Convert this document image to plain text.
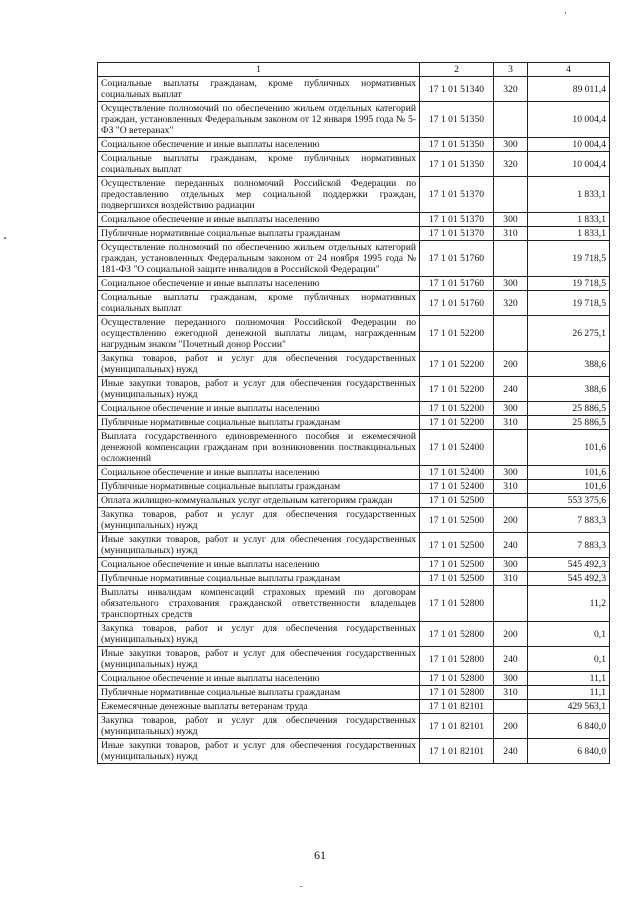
1	2	3	4
Социальные выплаты гражданам, кроме публичных нормативных социальных выплат	17 1 01 51340	320	89 011,4
Осуществление полномочий по обеспечению жильем отдельных категорий граждан, установленных Федеральным законом от 12 января 1995 года № 5-ФЗ "О ветеранах"	17 1 01 51350		10 004,4
Социальное обеспечение и иные выплаты населению	17 1 01 51350	300	10 004,4
Социальные выплаты гражданам, кроме публичных нормативных социальных выплат	17 1 01 51350	320	10 004,4
Осуществление переданных полномочий Российской Федерации по предоставлению отдельных мер социальной поддержки граждан, подвергшихся воздействию радиации	17 1 01 51370		1 833,1
Социальное обеспечение и иные выплаты населению	17 1 01 51370	300	1 833,1
Публичные нормативные социальные выплаты гражданам	17 1 01 51370	310	1 833,1
Осуществление полномочий по обеспечению жильем отдельных категорий граждан, установленных Федеральным законом от 24 ноября 1995 года № 181-ФЗ "О социальной защите инвалидов в Российской Федерации"	17 1 01 51760		19 718,5
Социальное обеспечение и иные выплаты населению	17 1 01 51760	300	19 718,5
Социальные выплаты гражданам, кроме публичных нормативных социальных выплат	17 1 01 51760	320	19 718,5
Осуществление переданного полномочия Российской Федерации по осуществлению ежегодной денежной выплаты лицам, награжденным нагрудным знаком "Почетный донор России"	17 1 01 52200		26 275,1
Закупка товаров, работ и услуг для обеспечения государственных (муниципальных) нужд	17 1 01 52200	200	388,6
Иные закупки товаров, работ и услуг для обеспечения государственных (муниципальных) нужд	17 1 01 52200	240	388,6
Социальное обеспечение и иные выплаты населению	17 1 01 52200	300	25 886,5
Публичные нормативные социальные выплаты гражданам	17 1 01 52200	310	25 886,5
Выплата государственного единовременного пособия и ежемесячной денежной компенсации гражданам при возникновении поствакцинальных осложнений	17 1 01 52400		101,6
Социальное обеспечение и иные выплаты населению	17 1 01 52400	300	101,6
Публичные нормативные социальные выплаты гражданам	17 1 01 52400	310	101,6
Оплата жилищно-коммунальных услуг отдельным категориям граждан	17 1 01 52500		553 375,6
Закупка товаров, работ и услуг для обеспечения государственных (муниципальных) нужд	17 1 01 52500	200	7 883,3
Иные закупки товаров, работ и услуг для обеспечения государственных (муниципальных) нужд	17 1 01 52500	240	7 883,3
Социальное обеспечение и иные выплаты населению	17 1 01 52500	300	545 492,3
Публичные нормативные социальные выплаты гражданам	17 1 01 52500	310	545 492,3
Выплаты инвалидам компенсаций страховых премий по договорам обязательного страхования гражданской ответственности владельцев транспортных средств	17 1 01 52800		11,2
Закупка товаров, работ и услуг для обеспечения государственных (муниципальных) нужд	17 1 01 52800	200	0,1
Иные закупки товаров, работ и услуг для обеспечения государственных (муниципальных) нужд	17 1 01 52800	240	0,1
Социальное обеспечение и иные выплаты населению	17 1 01 52800	300	11,1
Публичные нормативные социальные выплаты гражданам	17 1 01 52800	310	11,1
Ежемесячные денежные выплаты ветеранам труда	17 1 01 82101		429 563,1
Закупка товаров, работ и услуг для обеспечения государственных (муниципальных) нужд	17 1 01 82101	200	6 840,0
Иные закупки товаров, работ и услуг для обеспечения государственных (муниципальных) нужд	17 1 01 82101	240	6 840,0
61
